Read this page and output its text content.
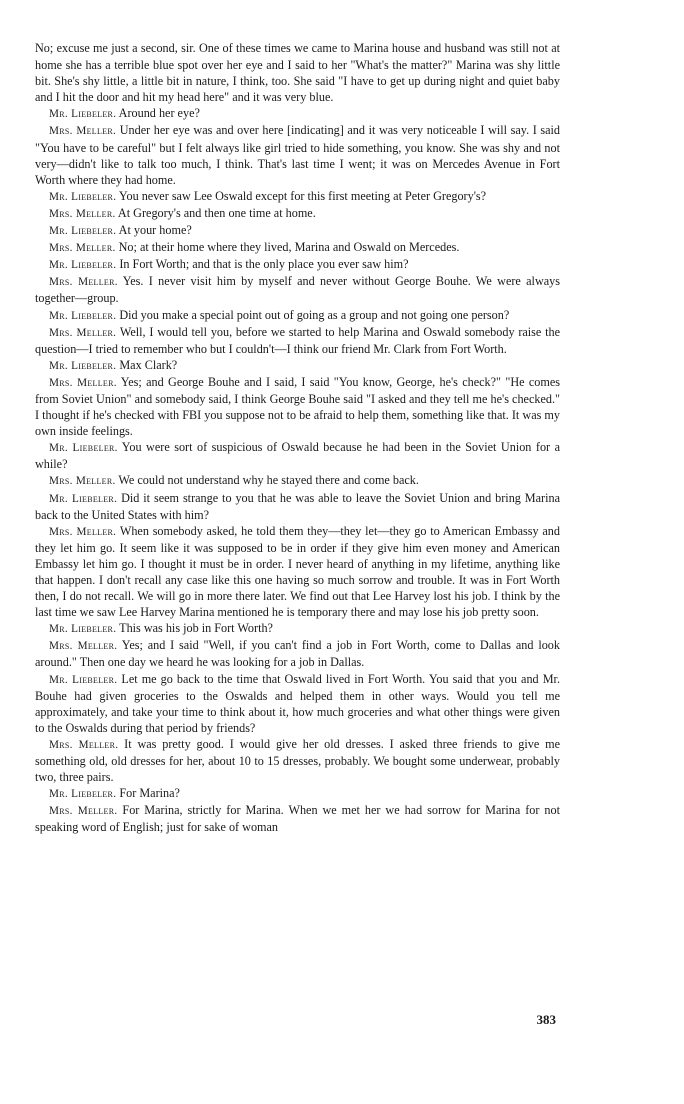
No; excuse me just a second, sir. One of these times we came to Marina house and husband was still not at home she has a terrible blue spot over her eye and I said to her "What's the matter?" Marina was shy little bit. She's shy little, a little bit in nature, I think, too. She said "I have to get up during night and quiet baby and I hit the door and hit my head here" and it was very blue.

Mr. Liebeler. Around her eye?

Mrs. Meller. Under her eye was and over here [indicating] and it was very noticeable I will say. I said "You have to be careful" but I felt always like girl tried to hide something, you know. She was shy and not very—didn't like to talk too much, I think. That's last time I went; it was on Mercedes Avenue in Fort Worth where they had home.

Mr. Liebeler. You never saw Lee Oswald except for this first meeting at Peter Gregory's?

Mrs. Meller. At Gregory's and then one time at home.

Mr. Liebeler. At your home?

Mrs. Meller. No; at their home where they lived, Marina and Oswald on Mercedes.

Mr. Liebeler. In Fort Worth; and that is the only place you ever saw him?

Mrs. Meller. Yes. I never visit him by myself and never without George Bouhe. We were always together—group.

Mr. Liebeler. Did you make a special point out of going as a group and not going one person?

Mrs. Meller. Well, I would tell you, before we started to help Marina and Oswald somebody raise the question—I tried to remember who but I couldn't—I think our friend Mr. Clark from Fort Worth.

Mr. Liebeler. Max Clark?

Mrs. Meller. Yes; and George Bouhe and I said, I said "You know, George, he's check?" "He comes from Soviet Union" and somebody said, I think George Bouhe said "I asked and they tell me he's checked." I thought if he's checked with FBI you suppose not to be afraid to help them, something like that. It was my own inside feelings.

Mr. Liebeler. You were sort of suspicious of Oswald because he had been in the Soviet Union for a while?

Mrs. Meller. We could not understand why he stayed there and come back.

Mr. Liebeler. Did it seem strange to you that he was able to leave the Soviet Union and bring Marina back to the United States with him?

Mrs. Meller. When somebody asked, he told them they—they let—they go to American Embassy and they let him go. It seem like it was supposed to be in order if they give him even money and American Embassy let him go. I thought it must be in order. I never heard of anything in my lifetime, anything like that happen. I don't recall any case like this one having so much sorrow and trouble. It was in Fort Worth then, I do not recall. We will go in more there later. We find out that Lee Harvey lost his job. I think by the last time we saw Lee Harvey Marina mentioned he is temporary there and may lose his job pretty soon.

Mr. Liebeler. This was his job in Fort Worth?

Mrs. Meller. Yes; and I said "Well, if you can't find a job in Fort Worth, come to Dallas and look around." Then one day we heard he was looking for a job in Dallas.

Mr. Liebeler. Let me go back to the time that Oswald lived in Fort Worth. You said that you and Mr. Bouhe had given groceries to the Oswalds and helped them in other ways. Would you tell me approximately, and take your time to think about it, how much groceries and what other things were given to the Oswalds during that period by friends?

Mrs. Meller. It was pretty good. I would give her old dresses. I asked three friends to give me something old, old dresses for her, about 10 to 15 dresses, probably. We bought some underwear, probably two, three pairs.

Mr. Liebeler. For Marina?

Mrs. Meller. For Marina, strictly for Marina. When we met her we had sorrow for Marina for not speaking word of English; just for sake of woman

383
